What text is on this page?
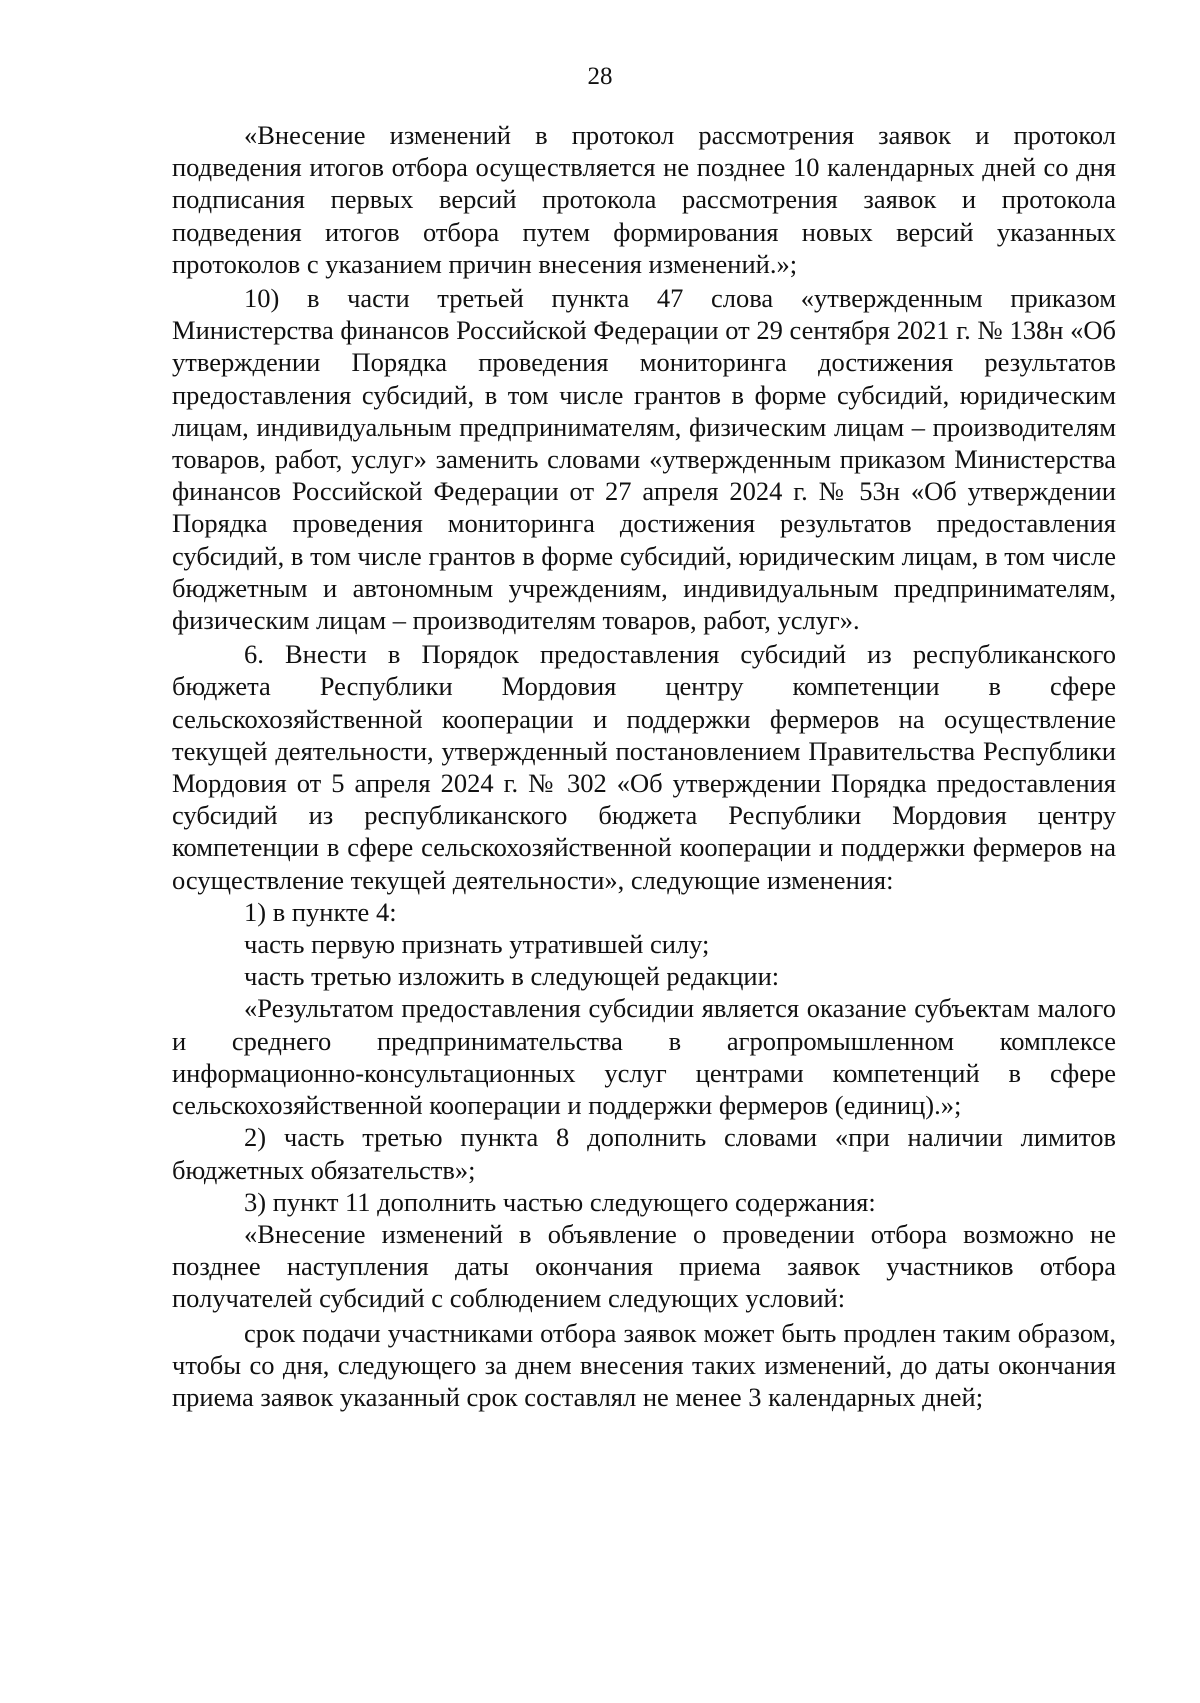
28

«Внесение изменений в протокол рассмотрения заявок и протокол подведения итогов отбора осуществляется не позднее 10 календарных дней со дня подписания первых версий протокола рассмотрения заявок и протокола подведения итогов отбора путем формирования новых версий указанных протоколов с указанием причин внесения изменений.»;

10) в части третьей пункта 47 слова «утвержденным приказом Министерства финансов Российской Федерации от 29 сентября 2021 г. № 138н «Об утверждении Порядка проведения мониторинга достижения результатов предоставления субсидий, в том числе грантов в форме субсидий, юридическим лицам, индивидуальным предпринимателям, физическим лицам – производителям товаров, работ, услуг» заменить словами «утвержденным приказом Министерства финансов Российской Федерации от 27 апреля 2024 г. № 53н «Об утверждении Порядка проведения мониторинга достижения результатов предоставления субсидий, в том числе грантов в форме субсидий, юридическим лицам, в том числе бюджетным и автономным учреждениям, индивидуальным предпринимателям, физическим лицам – производителям товаров, работ, услуг».

6. Внести в Порядок предоставления субсидий из республиканского бюджета Республики Мордовия центру компетенции в сфере сельскохозяйственной кооперации и поддержки фермеров на осуществление текущей деятельности, утвержденный постановлением Правительства Республики Мордовия от 5 апреля 2024 г. № 302 «Об утверждении Порядка предоставления субсидий из республиканского бюджета Республики Мордовия центру компетенции в сфере сельскохозяйственной кооперации и поддержки фермеров на осуществление текущей деятельности», следующие изменения:

1) в пункте 4:

часть первую признать утратившей силу;

часть третью изложить в следующей редакции:

«Результатом предоставления субсидии является оказание субъектам малого и среднего предпринимательства в агропромышленном комплексе информационно-консультационных услуг центрами компетенций в сфере сельскохозяйственной кооперации и поддержки фермеров (единиц).»;

2) часть третью пункта 8 дополнить словами «при наличии лимитов бюджетных обязательств»;

3) пункт 11 дополнить частью следующего содержания:

«Внесение изменений в объявление о проведении отбора возможно не позднее наступления даты окончания приема заявок участников отбора получателей субсидий с соблюдением следующих условий:

срок подачи участниками отбора заявок может быть продлен таким образом, чтобы со дня, следующего за днем внесения таких изменений, до даты окончания приема заявок указанный срок составлял не менее 3 календарных дней;
